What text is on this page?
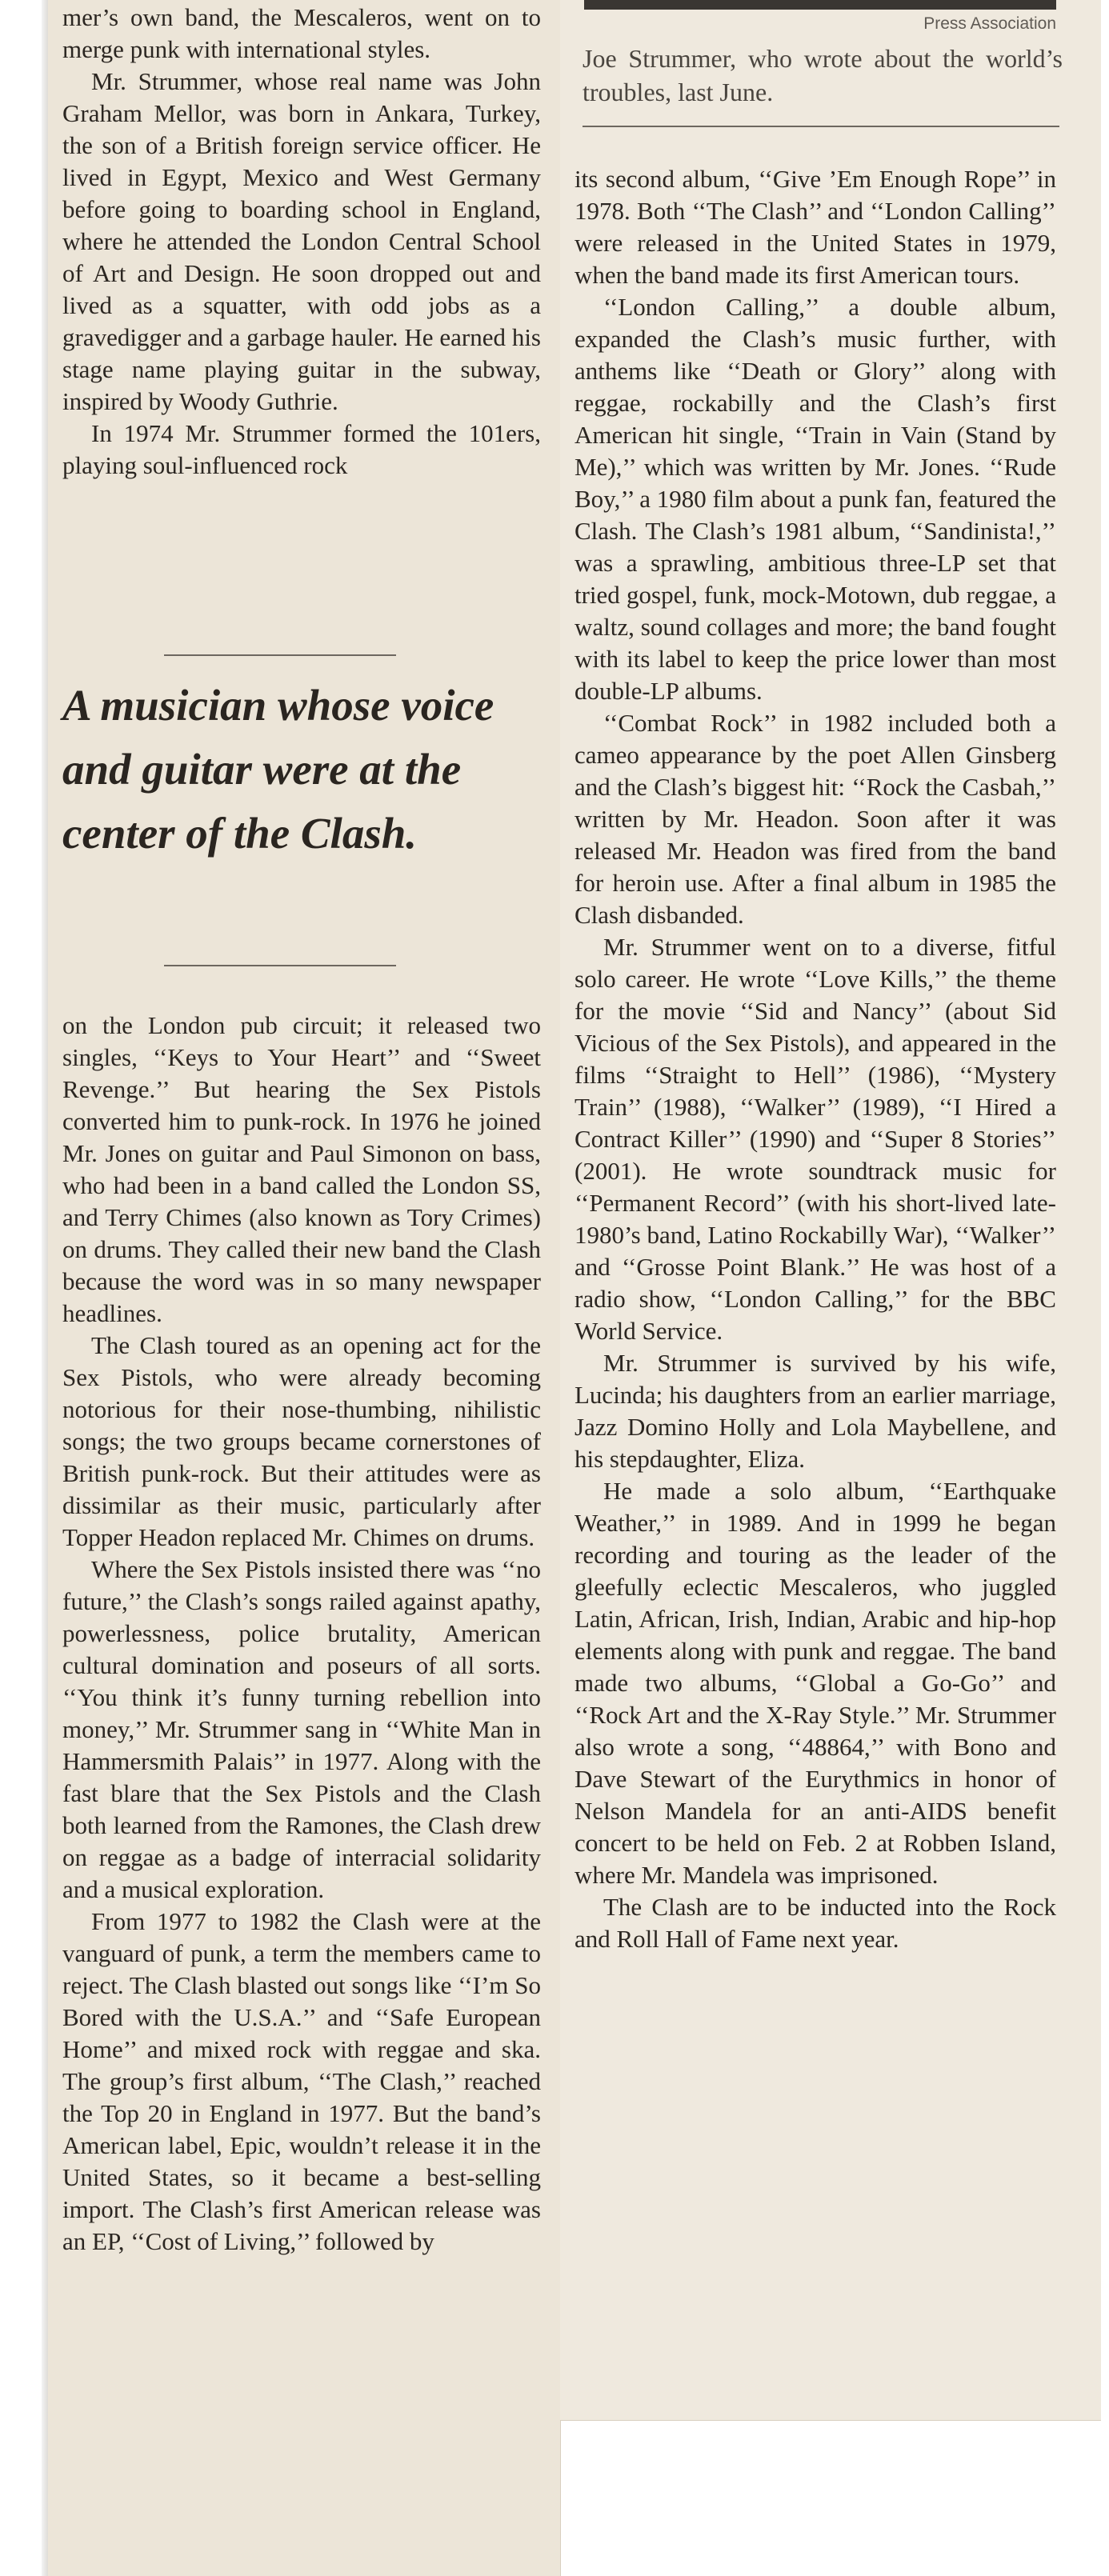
Press Association
Joe Strummer, who wrote about the world’s troubles, last June.

mer’s own band, the Mescaleros, went on to merge punk with international styles.

Mr. Strummer, whose real name was John Graham Mellor, was born in Ankara, Turkey, the son of a British foreign service officer. He lived in Egypt, Mexico and West Germany before going to boarding school in England, where he attended the London Central School of Art and Design. He soon dropped out and lived as a squatter, with odd jobs as a gravedigger and a garbage hauler. He earned his stage name playing guitar in the subway, inspired by Woody Guthrie.

In 1974 Mr. Strummer formed the 101ers, playing soul-influenced rock

A musician whose voice and guitar were at the center of the Clash.

on the London pub circuit; it released two singles, ‘‘Keys to Your Heart’’ and ‘‘Sweet Revenge.’’ But hearing the Sex Pistols converted him to punk-rock. In 1976 he joined Mr. Jones on guitar and Paul Simonon on bass, who had been in a band called the London SS, and Terry Chimes (also known as Tory Crimes) on drums. They called their new band the Clash because the word was in so many newspaper headlines.

The Clash toured as an opening act for the Sex Pistols, who were already becoming notorious for their nose-thumbing, nihilistic songs; the two groups became cornerstones of British punk-rock. But their attitudes were as dissimilar as their music, particularly after Topper Headon replaced Mr. Chimes on drums.

Where the Sex Pistols insisted there was ‘‘no future,’’ the Clash’s songs railed against apathy, powerlessness, police brutality, American cultural domination and poseurs of all sorts. ‘‘You think it’s funny turning rebellion into money,’’ Mr. Strummer sang in ‘‘White Man in Hammersmith Palais’’ in 1977. Along with the fast blare that the Sex Pistols and the Clash both learned from the Ramones, the Clash drew on reggae as a badge of interracial solidarity and a musical exploration.

From 1977 to 1982 the Clash were at the vanguard of punk, a term the members came to reject. The Clash blasted out songs like ‘‘I’m So Bored with the U.S.A.’’ and ‘‘Safe European Home’’ and mixed rock with reggae and ska. The group’s first album, ‘‘The Clash,’’ reached the Top 20 in England in 1977. But the band’s American label, Epic, wouldn’t release it in the United States, so it became a best-selling import. The Clash’s first American release was an EP, ‘‘Cost of Living,’’ followed by

its second album, ‘‘Give ’Em Enough Rope’’ in 1978. Both ‘‘The Clash’’ and ‘‘London Calling’’ were released in the United States in 1979, when the band made its first American tours.

‘‘London Calling,’’ a double album, expanded the Clash’s music further, with anthems like ‘‘Death or Glory’’ along with reggae, rockabilly and the Clash’s first American hit single, ‘‘Train in Vain (Stand by Me),’’ which was written by Mr. Jones. ‘‘Rude Boy,’’ a 1980 film about a punk fan, featured the Clash. The Clash’s 1981 album, ‘‘Sandinista!,’’ was a sprawling, ambitious three-LP set that tried gospel, funk, mock-Motown, dub reggae, a waltz, sound collages and more; the band fought with its label to keep the price lower than most double-LP albums.

‘‘Combat Rock’’ in 1982 included both a cameo appearance by the poet Allen Ginsberg and the Clash’s biggest hit: ‘‘Rock the Casbah,’’ written by Mr. Headon. Soon after it was released Mr. Headon was fired from the band for heroin use. After a final album in 1985 the Clash disbanded.

Mr. Strummer went on to a diverse, fitful solo career. He wrote ‘‘Love Kills,’’ the theme for the movie ‘‘Sid and Nancy’’ (about Sid Vicious of the Sex Pistols), and appeared in the films ‘‘Straight to Hell’’ (1986), ‘‘Mystery Train’’ (1988), ‘‘Walker’’ (1989), ‘‘I Hired a Contract Killer’’ (1990) and ‘‘Super 8 Stories’’ (2001). He wrote soundtrack music for ‘‘Permanent Record’’ (with his short-lived late-1980’s band, Latino Rockabilly War), ‘‘Walker’’ and ‘‘Grosse Point Blank.’’ He was host of a radio show, ‘‘London Calling,’’ for the BBC World Service.

Mr. Strummer is survived by his wife, Lucinda; his daughters from an earlier marriage, Jazz Domino Holly and Lola Maybellene, and his stepdaughter, Eliza.

He made a solo album, ‘‘Earthquake Weather,’’ in 1989. And in 1999 he began recording and touring as the leader of the gleefully eclectic Mescaleros, who juggled Latin, African, Irish, Indian, Arabic and hip-hop elements along with punk and reggae. The band made two albums, ‘‘Global a Go-Go’’ and ‘‘Rock Art and the X-Ray Style.’’ Mr. Strummer also wrote a song, ‘‘48864,’’ with Bono and Dave Stewart of the Eurythmics in honor of Nelson Mandela for an anti-AIDS benefit concert to be held on Feb. 2 at Robben Island, where Mr. Mandela was imprisoned.

The Clash are to be inducted into the Rock and Roll Hall of Fame next year.
